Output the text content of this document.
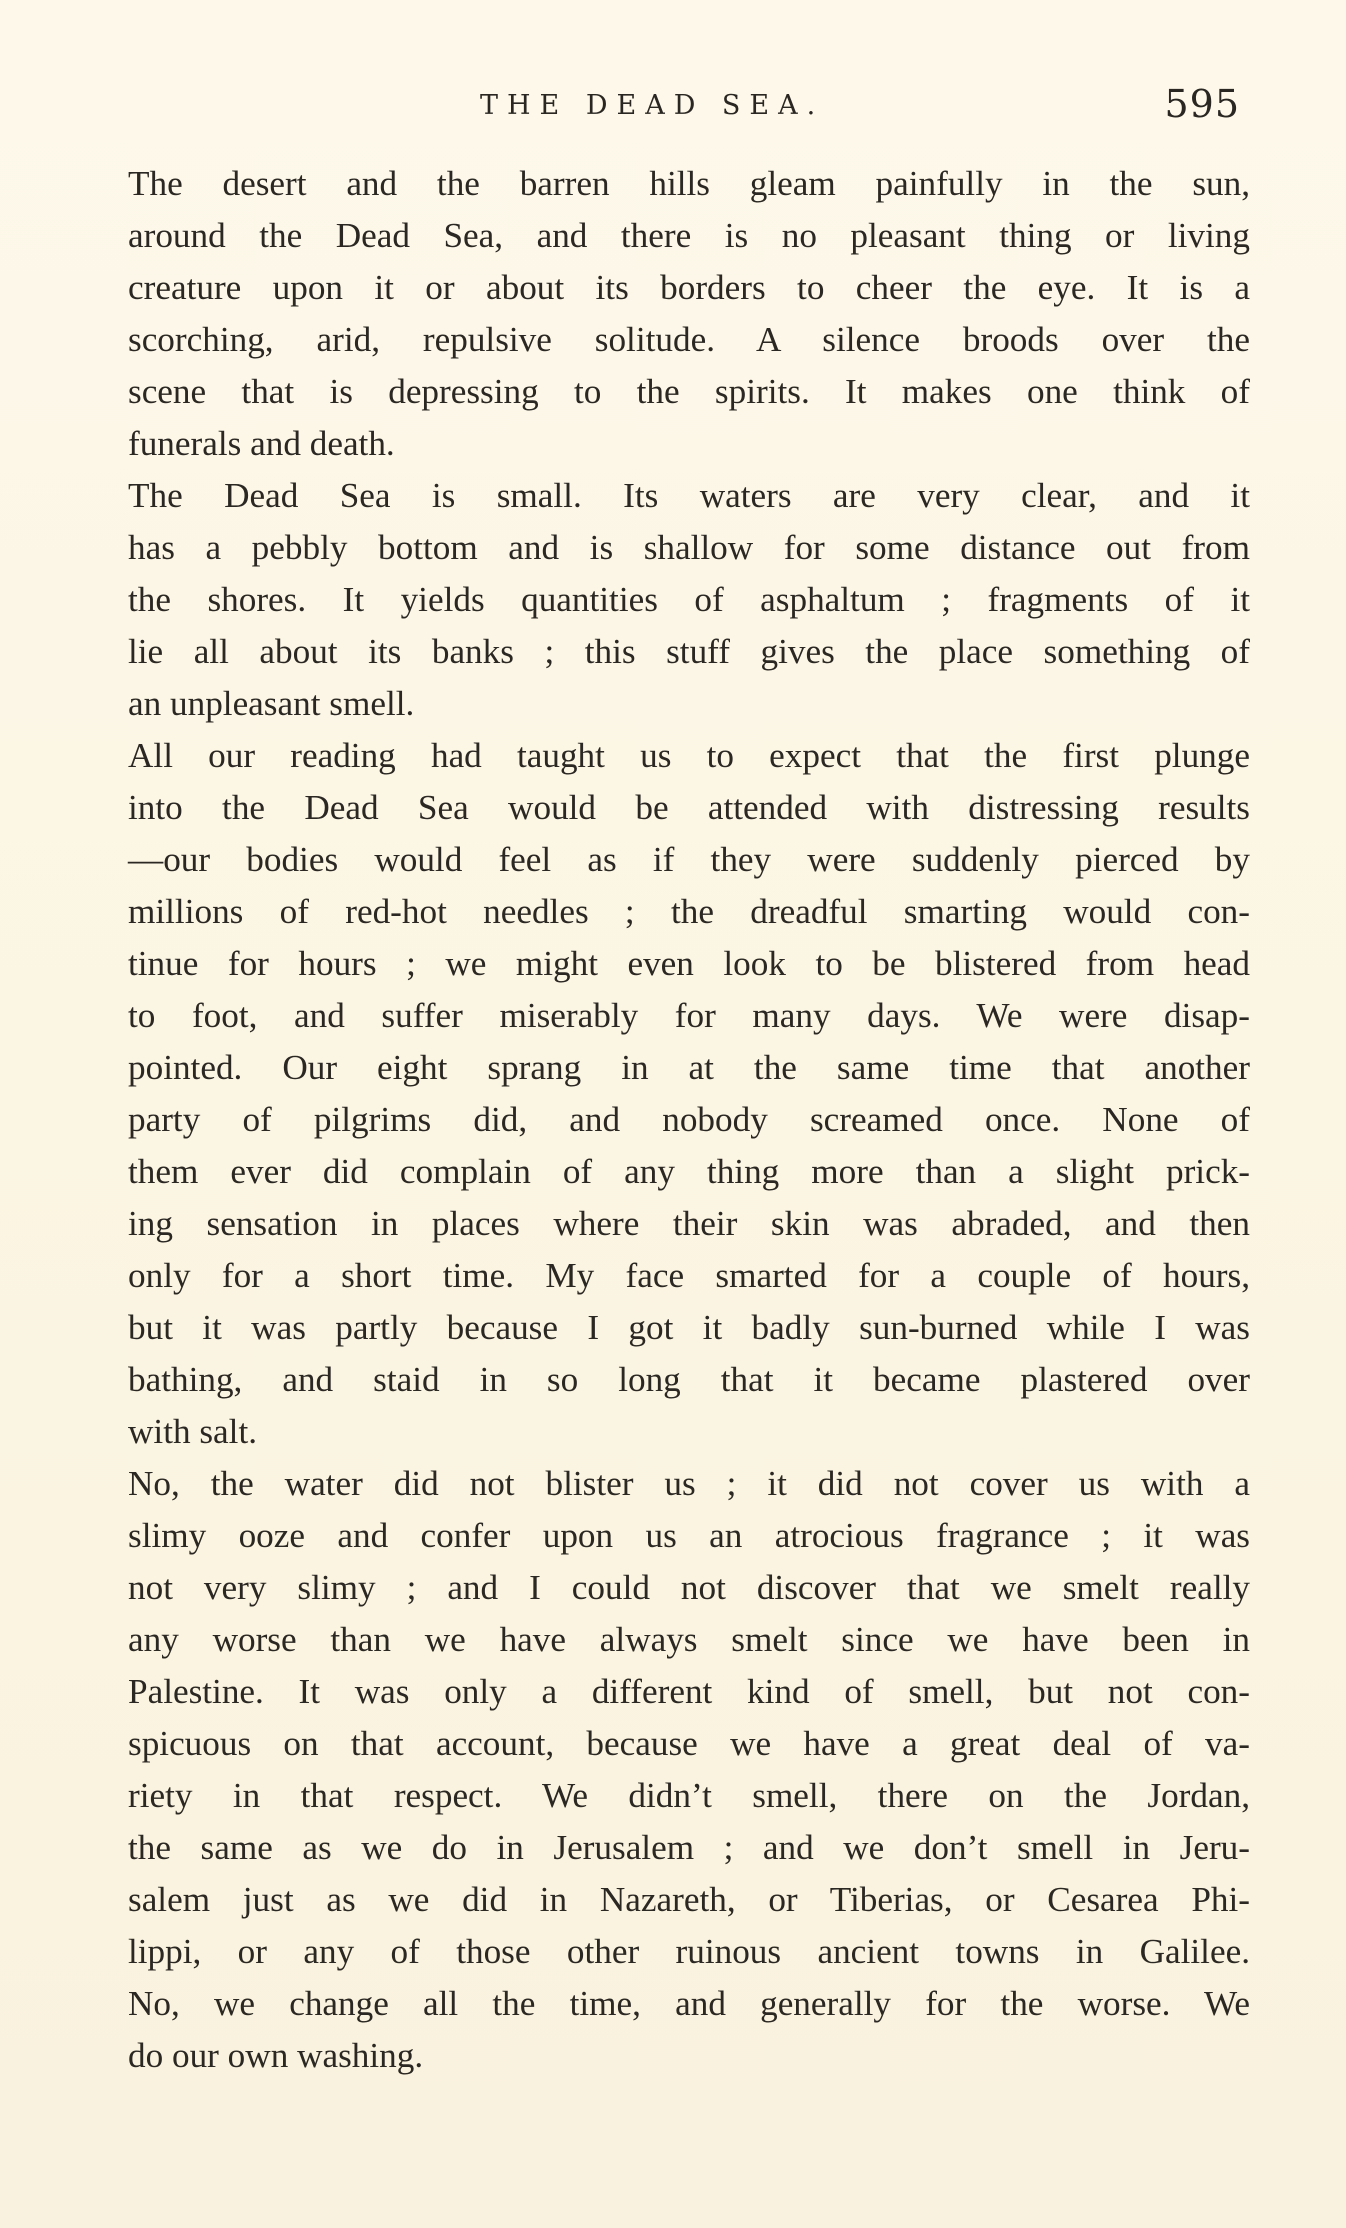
THE DEAD SEA.	595

The desert and the barren hills gleam painfully in the sun,
around the Dead Sea, and there is no pleasant thing or living
creature upon it or about its borders to cheer the eye. It is a
scorching, arid, repulsive solitude. A silence broods over the
scene that is depressing to the spirits. It makes one think of
funerals and death.

The Dead Sea is small. Its waters are very clear, and it
has a pebbly bottom and is shallow for some distance out from
the shores. It yields quantities of asphaltum ; fragments of it
lie all about its banks ; this stuff gives the place something of
an unpleasant smell.

All our reading had taught us to expect that the first plunge
into the Dead Sea would be attended with distressing results
—our bodies would feel as if they were suddenly pierced by
millions of red-hot needles ; the dreadful smarting would con-
tinue for hours ; we might even look to be blistered from head
to foot, and suffer miserably for many days. We were disap-
pointed. Our eight sprang in at the same time that another
party of pilgrims did, and nobody screamed once. None of
them ever did complain of any thing more than a slight prick-
ing sensation in places where their skin was abraded, and then
only for a short time. My face smarted for a couple of hours,
but it was partly because I got it badly sun-burned while I was
bathing, and staid in so long that it became plastered over
with salt.

No, the water did not blister us ; it did not cover us with a
slimy ooze and confer upon us an atrocious fragrance ; it was
not very slimy ; and I could not discover that we smelt really
any worse than we have always smelt since we have been in
Palestine. It was only a different kind of smell, but not con-
spicuous on that account, because we have a great deal of va-
riety in that respect. We didn’t smell, there on the Jordan,
the same as we do in Jerusalem ; and we don’t smell in Jeru-
salem just as we did in Nazareth, or Tiberias, or Cesarea Phi-
lippi, or any of those other ruinous ancient towns in Galilee.
No, we change all the time, and generally for the worse. We
do our own washing.
